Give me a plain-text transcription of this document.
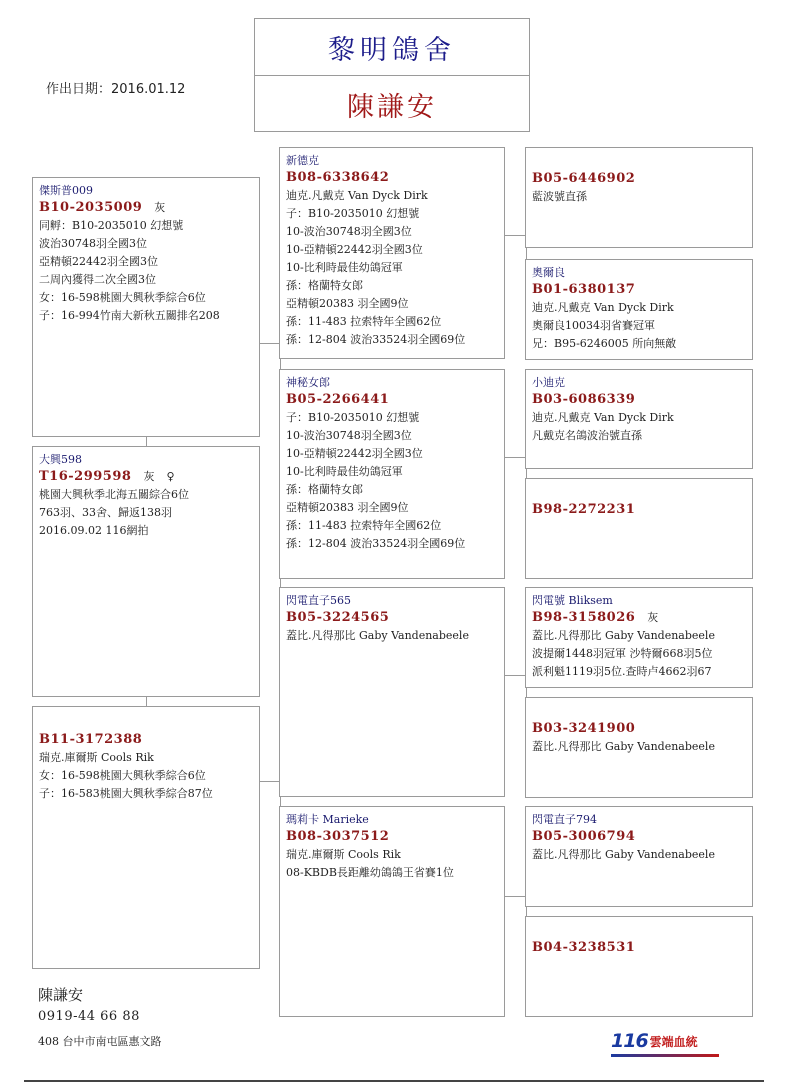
作出日期：2016.01.12
黎明鴿舍
陳謙安
傑斯普009
B10-2035009 灰
同孵：B10-2035010 幻想號
波治30748羽全國3位
亞精頓22442羽全國3位
二周內獲得二次全國3位
女：16-598桃園大興秋季綜合6位
子：16-994竹南大新秋五關排名208
大興598
T16-299598 灰 ♀
桃園大興秋季北海五關綜合6位
763羽、33舍、歸返138羽
2016.09.02 116網拍
B11-3172388
瑞克.庫爾斯 Cools Rik
女：16-598桃園大興秋季綜合6位
子：16-583桃園大興秋季綜合87位
新德克
B08-6338642
迪克.凡戴克 Van Dyck Dirk
子：B10-2035010 幻想號
10-波治30748羽全國3位
10-亞精頓22442羽全國3位
10-比利時最佳幼鴿冠軍
孫：格蘭特女郎
亞精頓20383 羽全國9位
孫：11-483 拉索特年全國62位
孫：12-804 波治33524羽全國69位
神秘女郎
B05-2266441
子：B10-2035010 幻想號
10-波治30748羽全國3位
10-亞精頓22442羽全國3位
10-比利時最佳幼鴿冠軍
孫：格蘭特女郎
亞精頓20383 羽全國9位
孫：11-483 拉索特年全國62位
孫：12-804 波治33524羽全國69位
閃電直子565
B05-3224565
蓋比.凡得那比 Gaby Vandenabeele
瑪莉卡 Marieke
B08-3037512
瑞克.庫爾斯 Cools Rik
08-KBDB長距離幼鴿鴿王省賽1位
B05-6446902
藍波號直孫
奧爾良
B01-6380137
迪克.凡戴克 Van Dyck Dirk
奧爾良10034羽省賽冠軍
兄：B95-6246005 所向無敵
小迪克
B03-6086339
迪克.凡戴克 Van Dyck Dirk
凡戴克名鴿波治號直孫
B98-2272231
閃電號 Bliksem
B98-3158026 灰
蓋比.凡得那比 Gaby Vandenabeele
波提爾1448羽冠軍 沙特爾668羽5位
派利魁1119羽5位.查時卢4662羽67
B03-3241900
蓋比.凡得那比 Gaby Vandenabeele
閃電直子794
B05-3006794
蓋比.凡得那比 Gaby Vandenabeele
B04-3238531
陳謙安
0919-44 66 88
408 台中市南屯區惠文路	116 雲端血統
